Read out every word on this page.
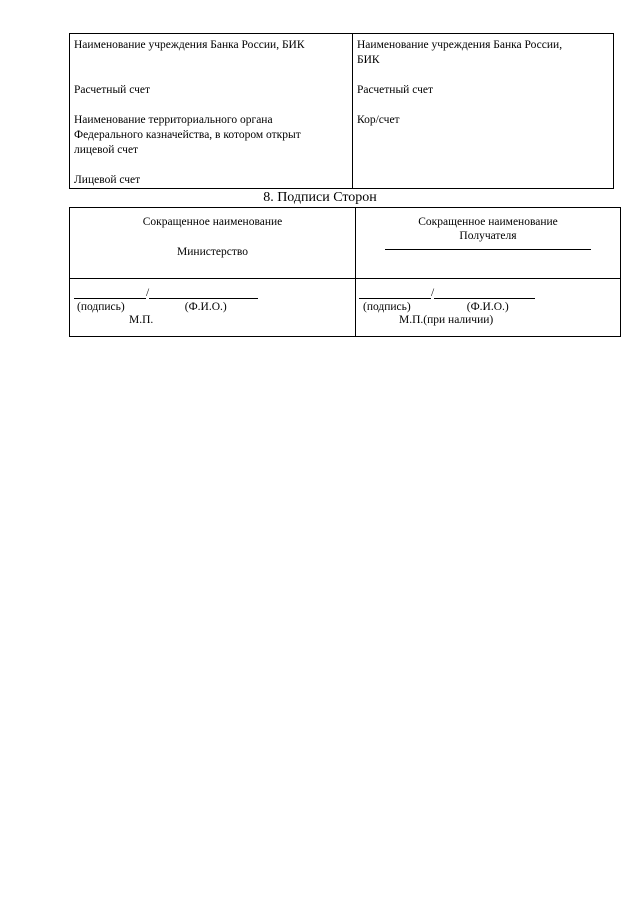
Наименование учреждения Банка России, БИК
Расчетный счет
Наименование территориального органа
Федерального казначейства, в котором открыт
лицевой счет
Лицевой счет
Наименование учреждения Банка России,
БИК
Расчетный счет
Кор/счет
8. Подписи Сторон
Сокращенное наименование
Министерство
Сокращенное наименование
Получателя
/
(подпись)	(Ф.И.О.)
М.П.
/
(подпись)	(Ф.И.О.)
М.П.(при наличии)
